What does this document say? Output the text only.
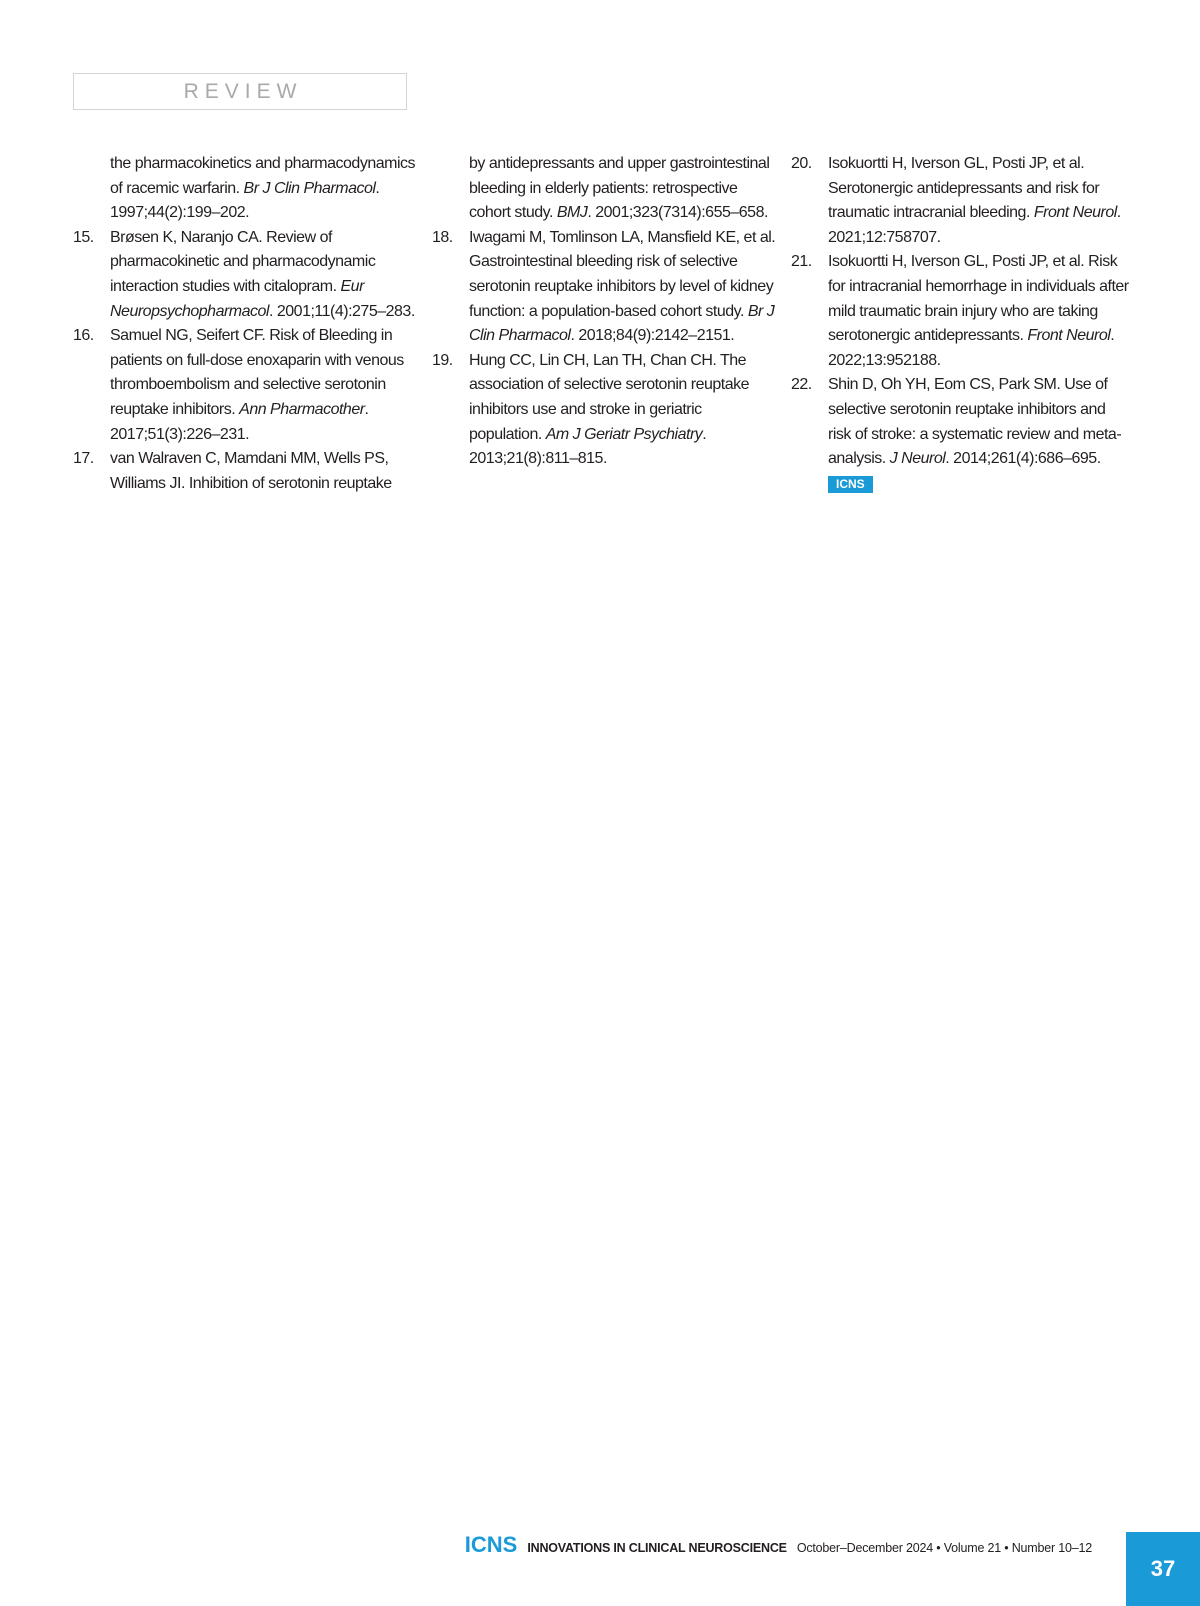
REVIEW
the pharmacokinetics and pharmacodynamics of racemic warfarin. Br J Clin Pharmacol. 1997;44(2):199–202.
15. Brøsen K, Naranjo CA. Review of pharmacokinetic and pharmacodynamic interaction studies with citalopram. Eur Neuropsychopharmacol. 2001;11(4):275–283.
16. Samuel NG, Seifert CF. Risk of Bleeding in patients on full-dose enoxaparin with venous thromboembolism and selective serotonin reuptake inhibitors. Ann Pharmacother. 2017;51(3):226–231.
17. van Walraven C, Mamdani MM, Wells PS, Williams JI. Inhibition of serotonin reuptake
by antidepressants and upper gastrointestinal bleeding in elderly patients: retrospective cohort study. BMJ. 2001;323(7314):655–658.
18. Iwagami M, Tomlinson LA, Mansfield KE, et al. Gastrointestinal bleeding risk of selective serotonin reuptake inhibitors by level of kidney function: a population-based cohort study. Br J Clin Pharmacol. 2018;84(9):2142–2151.
19. Hung CC, Lin CH, Lan TH, Chan CH. The association of selective serotonin reuptake inhibitors use and stroke in geriatric population. Am J Geriatr Psychiatry. 2013;21(8):811–815.
20. Isokuortti H, Iverson GL, Posti JP, et al. Serotonergic antidepressants and risk for traumatic intracranial bleeding. Front Neurol. 2021;12:758707.
21. Isokuortti H, Iverson GL, Posti JP, et al. Risk for intracranial hemorrhage in individuals after mild traumatic brain injury who are taking serotonergic antidepressants. Front Neurol. 2022;13:952188.
22. Shin D, Oh YH, Eom CS, Park SM. Use of selective serotonin reuptake inhibitors and risk of stroke: a systematic review and meta-analysis. J Neurol. 2014;261(4):686–695.
ICNS
ICNS INNOVATIONS IN CLINICAL NEUROSCIENCE October–December 2024 • Volume 21 • Number 10–12
37
